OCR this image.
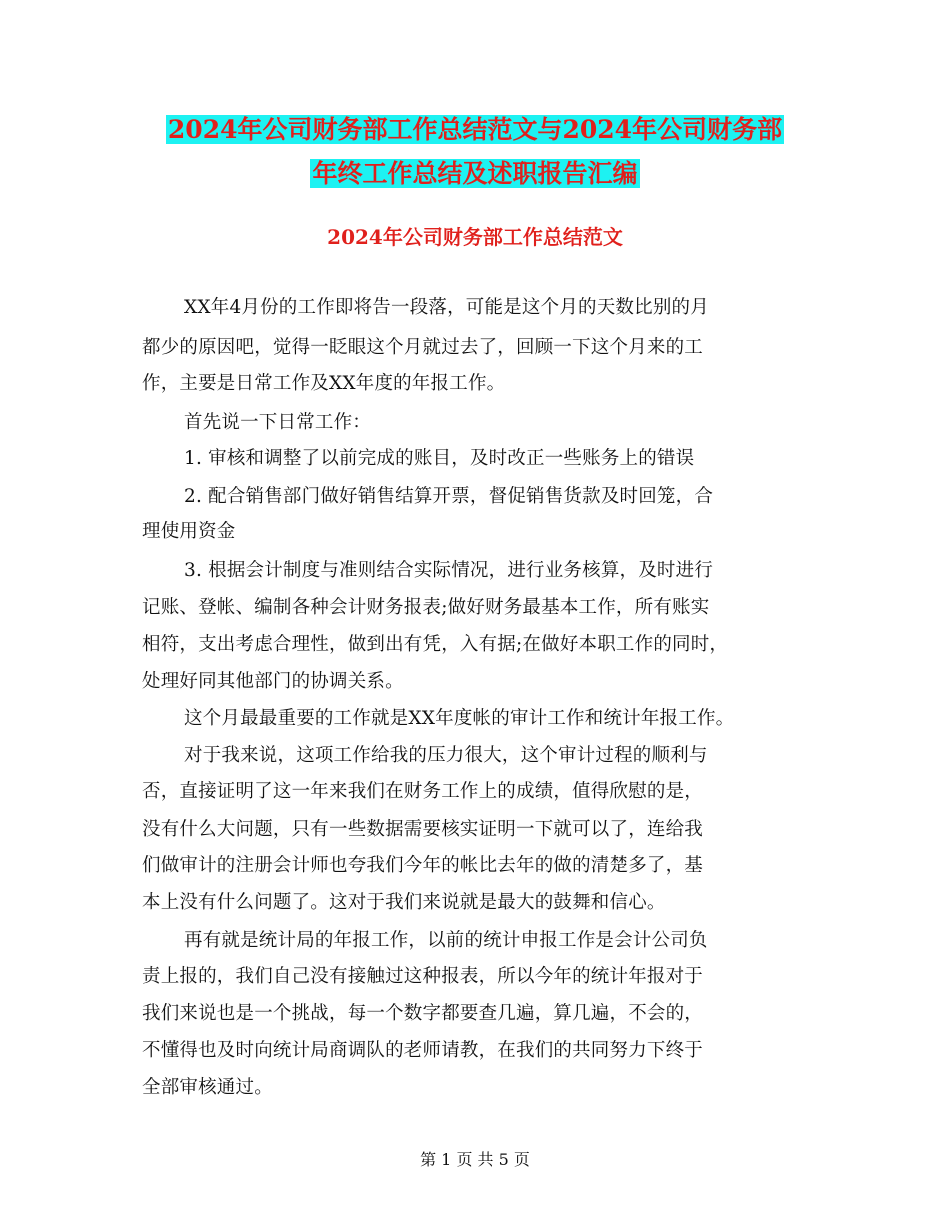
2024年公司财务部工作总结范文与2024年公司财务部
年终工作总结及述职报告汇编
2024年公司财务部工作总结范文
XX年4月份的工作即将告一段落，可能是这个月的天数比别的月
都少的原因吧，觉得一眨眼这个月就过去了，回顾一下这个月来的工
作，主要是日常工作及XX年度的年报工作。
首先说一下日常工作：
1. 审核和调整了以前完成的账目，及时改正一些账务上的错误
2. 配合销售部门做好销售结算开票，督促销售货款及时回笼，合
理使用资金
3. 根据会计制度与准则结合实际情况，进行业务核算，及时进行
记账、登帐、编制各种会计财务报表;做好财务最基本工作，所有账实
相符，支出考虑合理性，做到出有凭，入有据;在做好本职工作的同时，
处理好同其他部门的协调关系。
这个月最最重要的工作就是XX年度帐的审计工作和统计年报工作。
对于我来说，这项工作给我的压力很大，这个审计过程的顺利与
否，直接证明了这一年来我们在财务工作上的成绩，值得欣慰的是，
没有什么大问题，只有一些数据需要核实证明一下就可以了，连给我
们做审计的注册会计师也夸我们今年的帐比去年的做的清楚多了，基
本上没有什么问题了。这对于我们来说就是最大的鼓舞和信心。
再有就是统计局的年报工作，以前的统计申报工作是会计公司负
责上报的，我们自己没有接触过这种报表，所以今年的统计年报对于
我们来说也是一个挑战，每一个数字都要查几遍，算几遍，不会的，
不懂得也及时向统计局商调队的老师请教，在我们的共同努力下终于
全部审核通过。
第 1 页 共 5 页
